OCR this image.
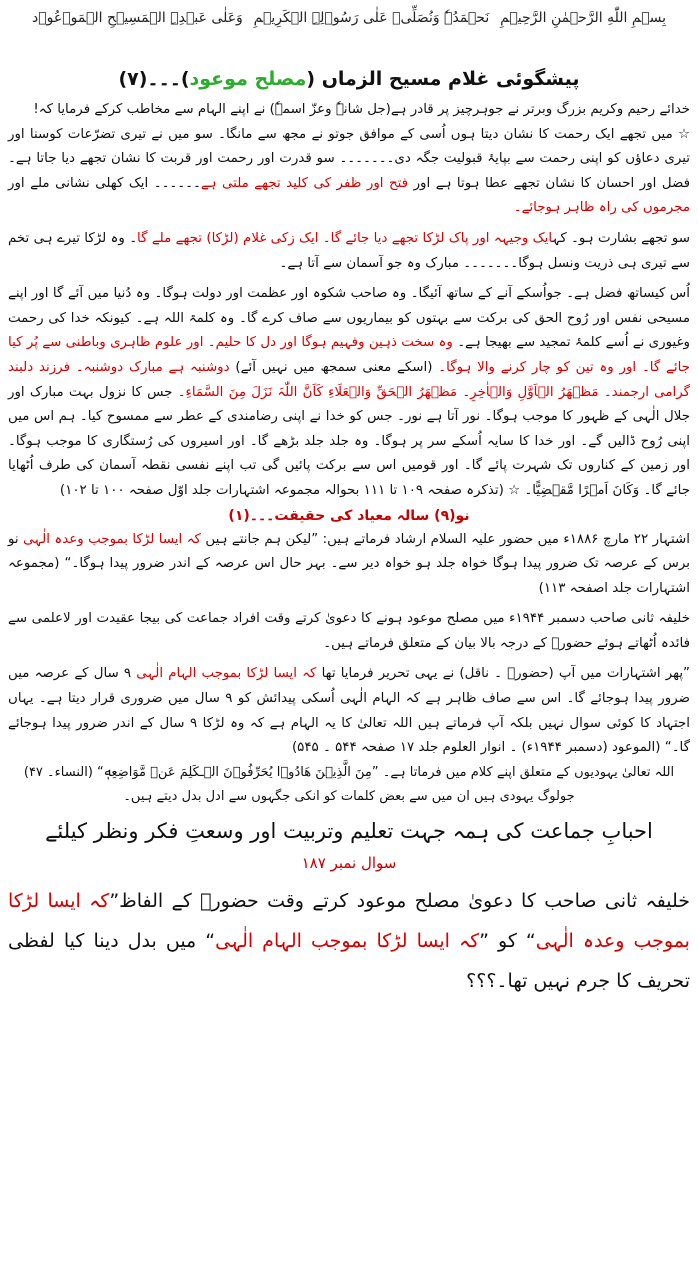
بِسۡمِ اللّٰهِ الرَّحۡمٰنِ الرَّحِیۡمِ
نَحۡمَدُہٗ وَنُصَلِّیۡ عَلٰی رَسُوۡلِہِ الۡکَرِیۡمِ
وَعَلٰی عَبۡدِہِ الۡمَسِیۡحِ الۡمَوۡعُوۡد
پیشگوئی غلام مسیح الزماں (مصلح موعود)۔۔۔(۷)

خدائے رحیم وکریم بزرگ وبرتر نے جوہرچیز پر قادر ہے(جل شانہٗ وعزّ اسمہٗ) نے اپنے الہام سے مخاطب کرکے فرمایا کہ!

☆ میں تجھے ایک رحمت کا نشان دیتا ہوں اُسی کے موافق جوتو نے مجھ سے مانگا۔ سو میں نے تیری تضرّعات کوسنا اور تیری دعاؤں کو اپنی رحمت سے بپایۂ قبولیت جگہ دی۔۔۔۔۔۔۔ سو قدرت اور رحمت اور قربت کا نشان تجھے دیا جاتا ہے۔فضل اور احسان کا نشان تجھے عطا ہوتا ہے اور فتح اور ظفر کی کلید تجھے ملتی ہے۔۔۔۔۔۔ ایک کھلی نشانی ملے اور مجرموں کی راہ ظاہر ہوجائے۔

سو تجھے بشارت ہو۔ کہایک وجیہہ اور پاک لڑکا تجھے دیا جائے گا۔ ایک زکی غلام (لڑکا) تجھے ملے گا۔ وہ لڑکا تیرے ہی تخم سے تیری ہی ذریت ونسل ہوگا۔۔۔۔۔۔۔ مبارک وہ جو آسمان سے آتا ہے۔

اُس کیساتھ فضل ہے۔ جواُسکے آنے کے ساتھ آئیگا۔ وہ صاحب شکوہ اور عظمت اور دولت ہوگا۔ وہ دُنیا میں آئے گا اور اپنے مسیحی نفس اور رُوح الحق کی برکت سے بہتوں کو بیماریوں سے صاف کرے گا۔ وہ کلمۃ اللہ ہے۔ کیونکہ خدا کی رحمت وغیوری نے اُسے کلمۂ تمجید سے بھیجا ہے۔ وہ سخت ذہین وفہیم ہوگا اور دل کا حلیم۔ اور علوم ظاہری وباطنی سے پُر کیا جائے گا۔ اور وہ تین کو چار کرنے والا ہوگا۔ (اسکے معنی سمجھ میں نہیں آئے) دوشنبہ ہے مبارک دوشنبہ۔ فرزند دلبند گرامی ارجمند۔ مَظۡهَرُ الۡاَوَّلِ وَالۡاٰخِرِ۔ مَظۡهَرُ الۡحَقِّ وَالۡعَلَاءِ کَاَنَّ اللّٰہَ نَزَلَ مِنَ السَّمَاءِ۔ جس کا نزول بہت مبارک اور جلال الٰہی کے ظہور کا موجب ہوگا۔ نور آتا ہے نور۔ جس کو خدا نے اپنی رضامندی کے عطر سے ممسوح کیا۔ ہم اس میں اپنی رُوح ڈالیں گے۔ اور خدا کا سایہ اُسکے سر پر ہوگا۔ وہ جلد جلد بڑھے گا۔ اور اسیروں کی رُستگاری کا موجب ہوگا۔ اور زمین کے کناروں تک شہرت پائے گا۔ اور قومیں اس سے برکت پائیں گی تب اپنے نفسی نقطہ آسمان کی طرف اُٹھایا جائے گا۔ وَکَانَ اَمۡرًا مَّقۡضِیًّا۔ ☆ (تذکرہ صفحہ ۱۰۹ تا ۱۱۱ بحوالہ مجموعہ اشتہارات جلد اوّل صفحہ ۱۰۰ تا ۱۰۲)

نو(۹) سالہ معیاد کی حقیقت۔۔۔(۱)

اشتہار ۲۲ مارچ ۱۸۸۶ء میں حضور علیہ السلام ارشاد فرماتے ہیں: ”لیکن ہم جانتے ہیں کہ ایسا لڑکا بموجب وعدہ الٰہی نو برس کے عرصہ تک ضرور پیدا ہوگا خواہ جلد ہو خواہ دیر سے۔ بہر حال اس عرصہ کے اندر ضرور پیدا ہوگا۔“ (مجموعہ اشتہارات جلد اصفحہ ۱۱۳)

خلیفہ ثانی صاحب دسمبر ۱۹۴۴ء میں مصلح موعود ہونے کا دعویٰ کرتے وقت افراد جماعت کی بیجا عقیدت اور لاعلمی سے فائدہ اُٹھاتے ہوئے حضورؑ کے درجہ بالا بیان کے متعلق فرماتے ہیں۔

”پھر اشتہارات میں آپ (حضورؑ ۔ ناقل) نے یہی تحریر فرمایا تھا کہ ایسا لڑکا بموجب الہام الٰہی ۹ سال کے عرصہ میں ضرور پیدا ہوجائے گا۔ اس سے صاف ظاہر ہے کہ الہام الٰہی اُسکی پیدائش کو ۹ سال میں ضروری قرار دیتا ہے۔ یہاں اجتہاد کا کوئی سوال نہیں بلکہ آپ فرماتے ہیں اللہ تعالیٰ کا یہ الہام ہے کہ وہ لڑکا ۹ سال کے اندر ضرور پیدا ہوجائے گا۔“ (الموعود (دسمبر ۱۹۴۴ء) ۔ انوار العلوم جلد ۱۷ صفحہ ۵۴۴ ۔ ۵۴۵)

اللہ تعالیٰ یہودیوں کے متعلق اپنے کلام میں فرماتا ہے۔ ”مِنَ الَّذِيۡنَ هَادُوۡا يُحَرِّفُوۡنَ الۡـكَلِمَ عَنۡ مَّوَاضِعِهٖ“ (النساء۔ ۴۷)
جولوگ یہودی ہیں ان میں سے بعض کلمات کو انکی جگہوں سے ادل بدل دیتے ہیں۔
احبابِ جماعت کی ہمہ جہت تعلیم وتربیت اور وسعتِ فکر ونظر کیلئے
سوال نمبر ۱۸۷

خلیفہ ثانی صاحب کا دعویٰ مصلح موعود کرتے وقت حضورؑ کے الفاظ”کہ ایسا لڑکا بموجب وعدہ الٰہی“ کو ”کہ ایسا لڑکا بموجب الہام الٰہی“ میں بدل دینا کیا لفظی تحریف کا جرم نہیں تھا۔؟؟؟
